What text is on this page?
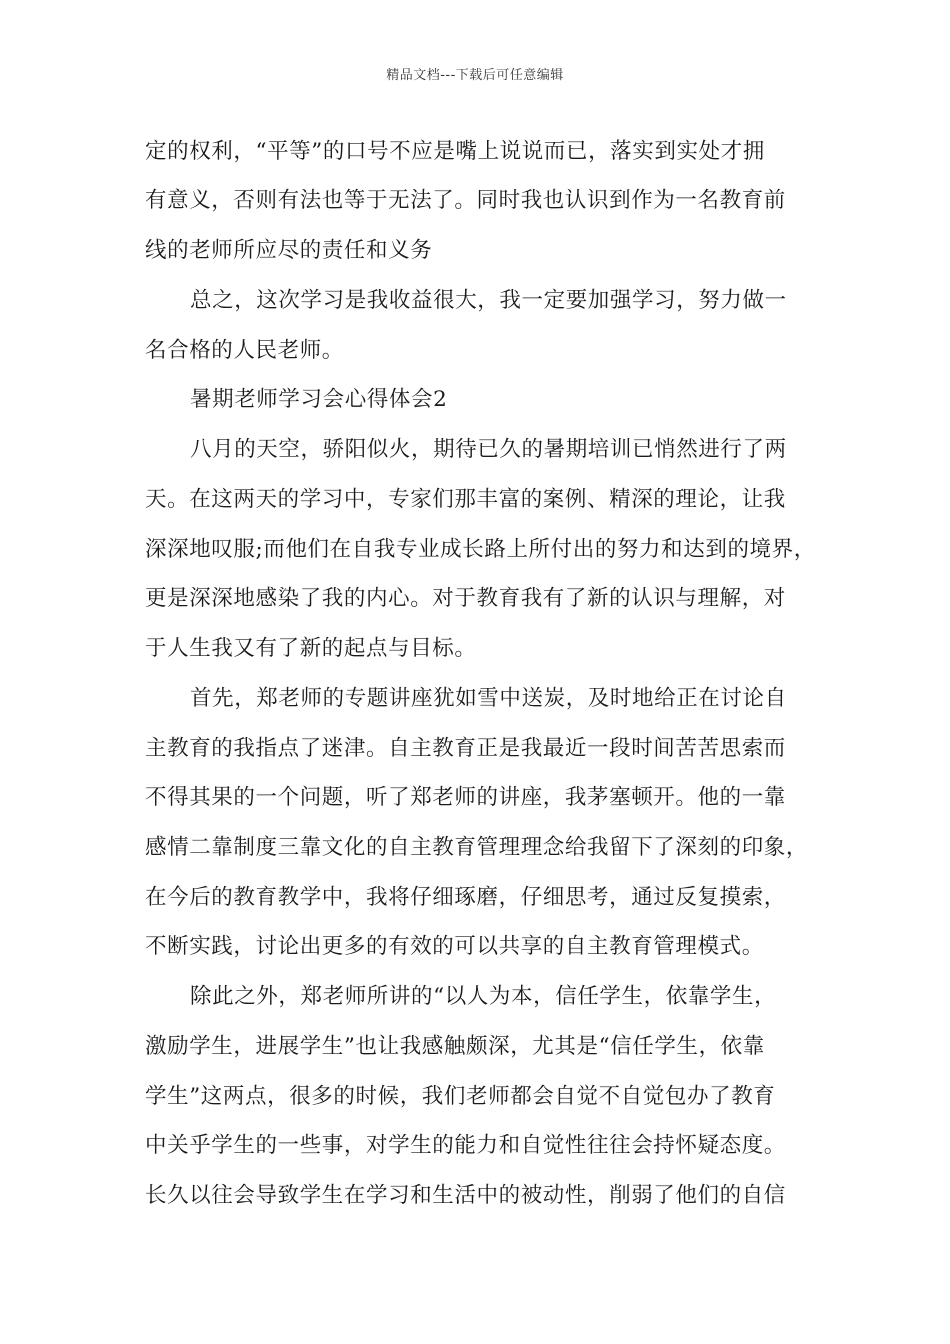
精品文档---下载后可任意编辑
定的权利，“平等”的口号不应是嘴上说说而已，落实到实处才拥
有意义，否则有法也等于无法了。同时我也认识到作为一名教育前
线的老师所应尽的责任和义务
总之，这次学习是我收益很大，我一定要加强学习，努力做一
名合格的人民老师。
暑期老师学习会心得体会2
八月的天空，骄阳似火，期待已久的暑期培训已悄然进行了两
天。在这两天的学习中，专家们那丰富的案例、精深的理论，让我
深深地叹服;而他们在自我专业成长路上所付出的努力和达到的境界，
更是深深地感染了我的内心。对于教育我有了新的认识与理解，对
于人生我又有了新的起点与目标。
首先，郑老师的专题讲座犹如雪中送炭，及时地给正在讨论自
主教育的我指点了迷津。自主教育正是我最近一段时间苦苦思索而
不得其果的一个问题，听了郑老师的讲座，我茅塞顿开。他的一靠
感情二靠制度三靠文化的自主教育管理理念给我留下了深刻的印象，
在今后的教育教学中，我将仔细琢磨，仔细思考，通过反复摸索，
不断实践，讨论出更多的有效的可以共享的自主教育管理模式。
除此之外，郑老师所讲的“以人为本，信任学生，依靠学生，
激励学生，进展学生”也让我感触颇深，尤其是“信任学生，依靠
学生”这两点，很多的时候，我们老师都会自觉不自觉包办了教育
中关乎学生的一些事，对学生的能力和自觉性往往会持怀疑态度。
长久以往会导致学生在学习和生活中的被动性，削弱了他们的自信
